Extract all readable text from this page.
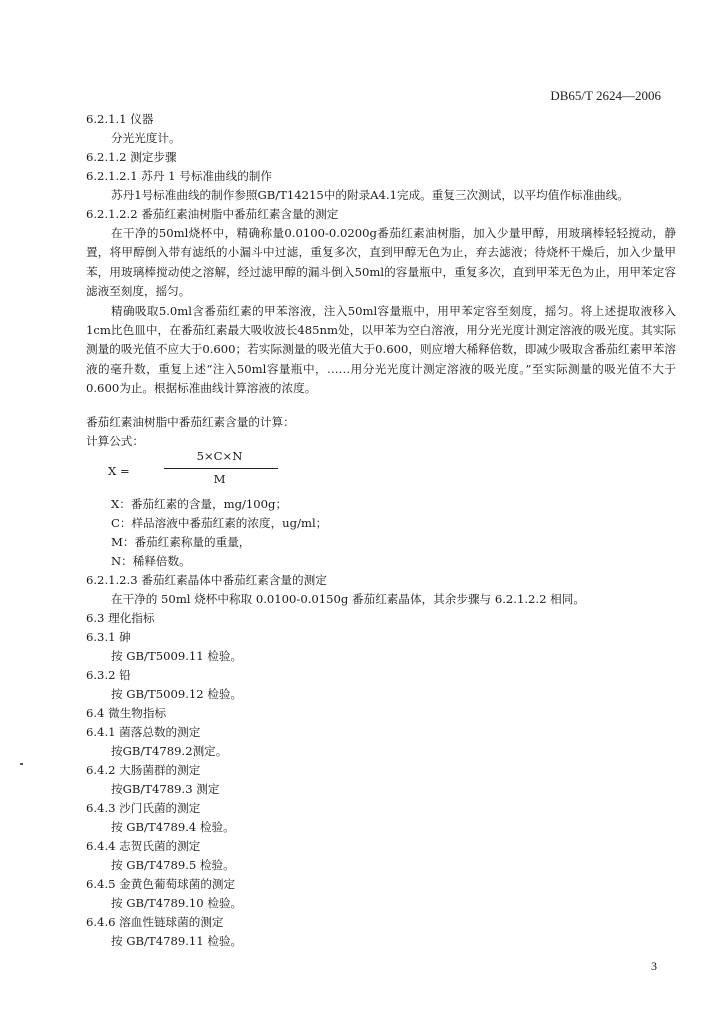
DB65/T 2624—2006
6.2.1.1 仪器
分光光度计。
6.2.1.2 测定步骤
6.2.1.2.1 苏丹 1 号标准曲线的制作
苏丹1号标准曲线的制作参照GB/T14215中的附录A4.1完成。重复三次测试，以平均值作标准曲线。
6.2.1.2.2 番茄红素油树脂中番茄红素含量的测定
在干净的50ml烧杯中，精确称量0.0100-0.0200g番茄红素油树脂，加入少量甲醇，用玻璃棒轻轻搅动，静置，将甲醇倒入带有滤纸的小漏斗中过滤，重复多次，直到甲醇无色为止，弃去滤液；待烧杯干燥后，加入少量甲苯，用玻璃棒搅动使之溶解，经过滤甲醇的漏斗倒入50ml的容量瓶中，重复多次，直到甲苯无色为止，用甲苯定容滤液至刻度，摇匀。
精确吸取5.0ml含番茄红素的甲苯溶液，注入50ml容量瓶中，用甲苯定容至刻度，摇匀。将上述提取液移入1cm比色皿中，在番茄红素最大吸收波长485nm处，以甲苯为空白溶液，用分光光度计测定溶液的吸光度。其实际测量的吸光值不应大于0.600；若实际测量的吸光值大于0.600，则应增大稀释倍数，即减少吸取含番茄红素甲苯溶液的毫升数，重复上述“注入50ml容量瓶中，……用分光光度计测定溶液的吸光度。”至实际测量的吸光值不大于0.600为止。根据标准曲线计算溶液的浓度。
番茄红素油树脂中番茄红素含量的计算：
计算公式：
X =
5×C×N
M
X：番茄红素的含量，mg/100g；
C：样品溶液中番茄红素的浓度，ug/ml；
M：番茄红素称量的重量，
N：稀释倍数。
6.2.1.2.3 番茄红素晶体中番茄红素含量的测定
在干净的 50ml 烧杯中称取 0.0100-0.0150g 番茄红素晶体，其余步骤与 6.2.1.2.2 相同。
6.3 理化指标
6.3.1 砷
按 GB/T5009.11 检验。
6.3.2 铅
按 GB/T5009.12 检验。
6.4 微生物指标
6.4.1 菌落总数的测定
按GB/T4789.2测定。
6.4.2 大肠菌群的测定
按GB/T4789.3 测定
6.4.3 沙门氏菌的测定
按 GB/T4789.4 检验。
6.4.4 志贺氏菌的测定
按 GB/T4789.5 检验。
6.4.5 金黄色葡萄球菌的测定
按 GB/T4789.10 检验。
6.4.6 溶血性链球菌的测定
按 GB/T4789.11 检验。
3
